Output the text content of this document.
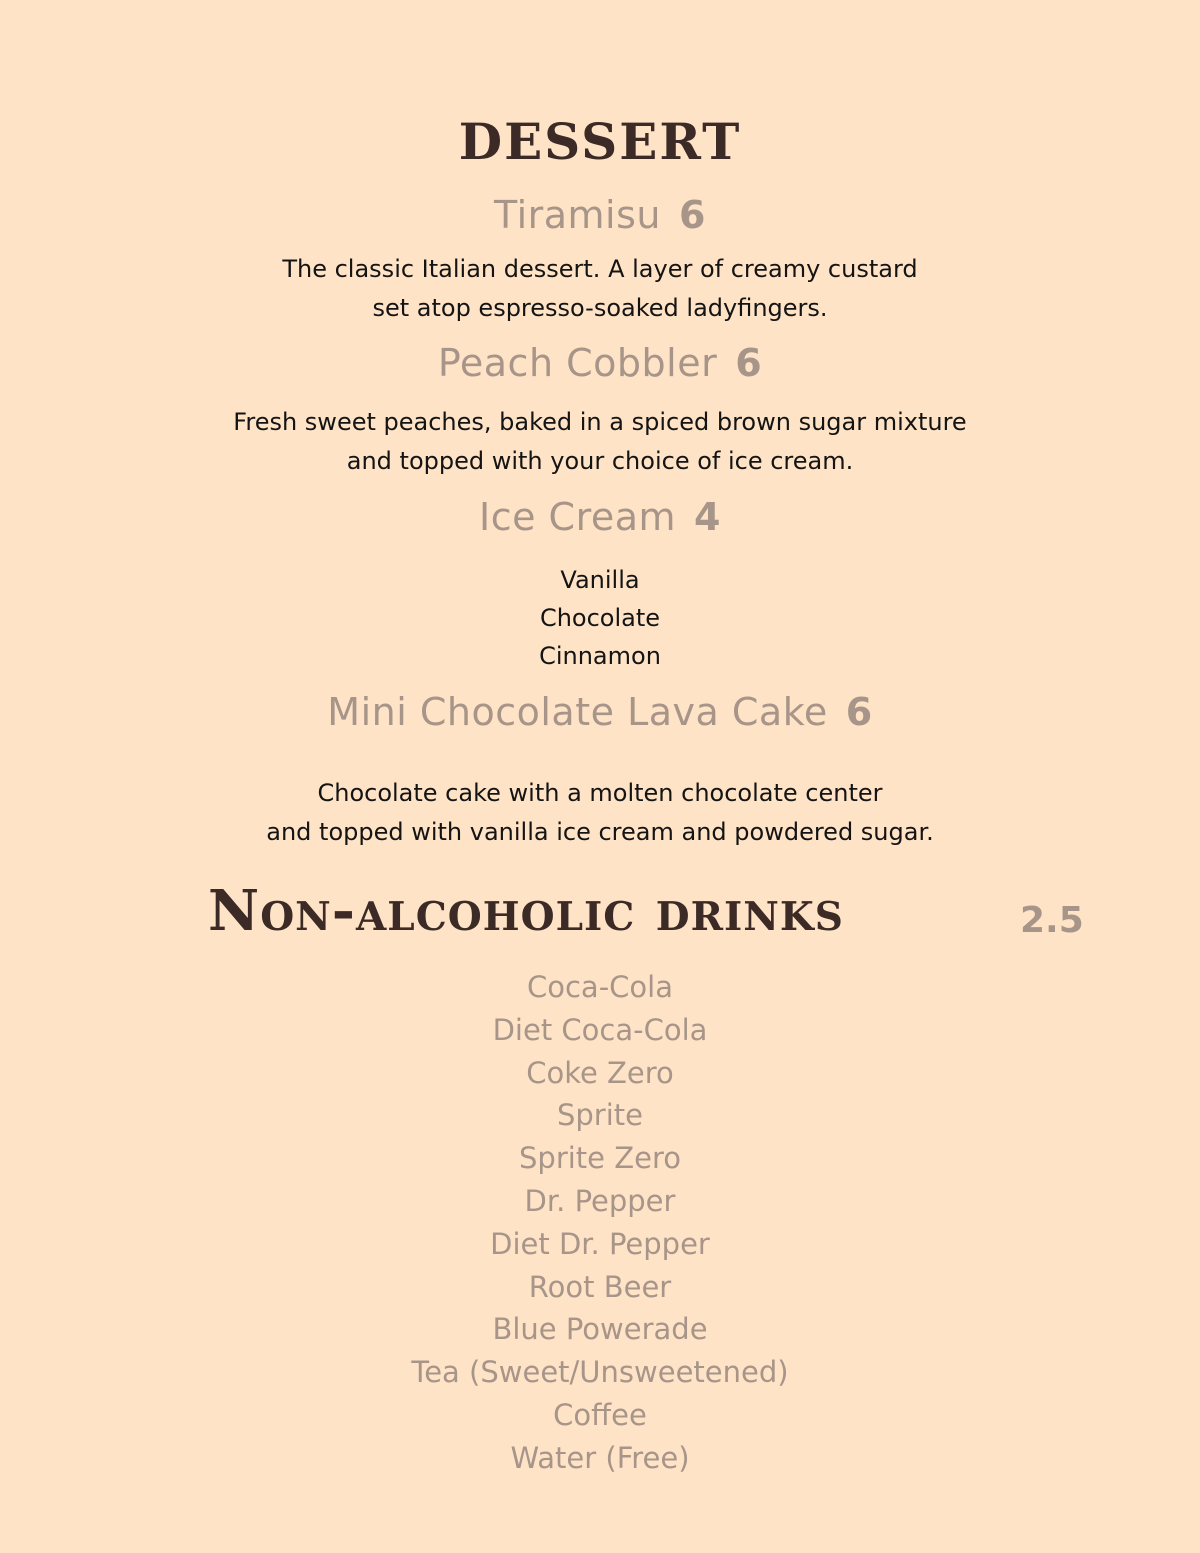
DESSERT
Tiramisu 6
The classic Italian dessert. A layer of creamy custard
set atop espresso-soaked ladyfingers.
Peach Cobbler 6
Fresh sweet peaches, baked in a spiced brown sugar mixture
and topped with your choice of ice cream.
Ice Cream 4
Vanilla
Chocolate
Cinnamon
Mini Chocolate Lava Cake 6
Chocolate cake with a molten chocolate center
and topped with vanilla ice cream and powdered sugar.
Non-alcoholic drinks	2.5
Coca-Cola
Diet Coca-Cola
Coke Zero
Sprite
Sprite Zero
Dr. Pepper
Diet Dr. Pepper
Root Beer
Blue Powerade
Tea (Sweet/Unsweetened)
Coffee
Water (Free)
